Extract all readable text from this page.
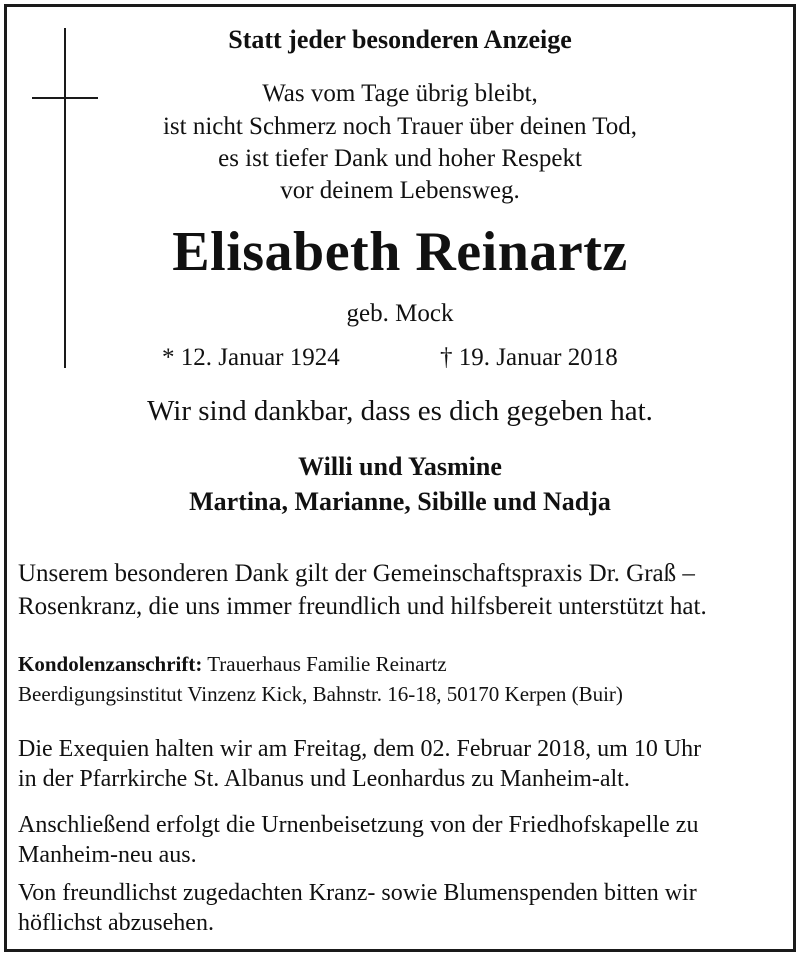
Statt jeder besonderen Anzeige
Was vom Tage übrig bleibt,
ist nicht Schmerz noch Trauer über deinen Tod,
es ist tiefer Dank und hoher Respekt
vor deinem Lebensweg.
Elisabeth Reinartz
geb. Mock
* 12. Januar 1924	† 19. Januar 2018
Wir sind dankbar, dass es dich gegeben hat.
Willi und Yasmine
Martina, Marianne, Sibille und Nadja
Unserem besonderen Dank gilt der Gemeinschaftspraxis Dr. Graß –
Rosenkranz, die uns immer freundlich und hilfsbereit unterstützt hat.
Kondolenzanschrift: Trauerhaus Familie Reinartz
Beerdigungsinstitut Vinzenz Kick, Bahnstr. 16-18, 50170 Kerpen (Buir)
Die Exequien halten wir am Freitag, dem 02. Februar 2018, um 10 Uhr
in der Pfarrkirche St. Albanus und Leonhardus zu Manheim-alt.
Anschließend erfolgt die Urnenbeisetzung von der Friedhofskapelle zu
Manheim-neu aus.
Von freundlichst zugedachten Kranz- sowie Blumenspenden bitten wir
höflichst abzusehen.
